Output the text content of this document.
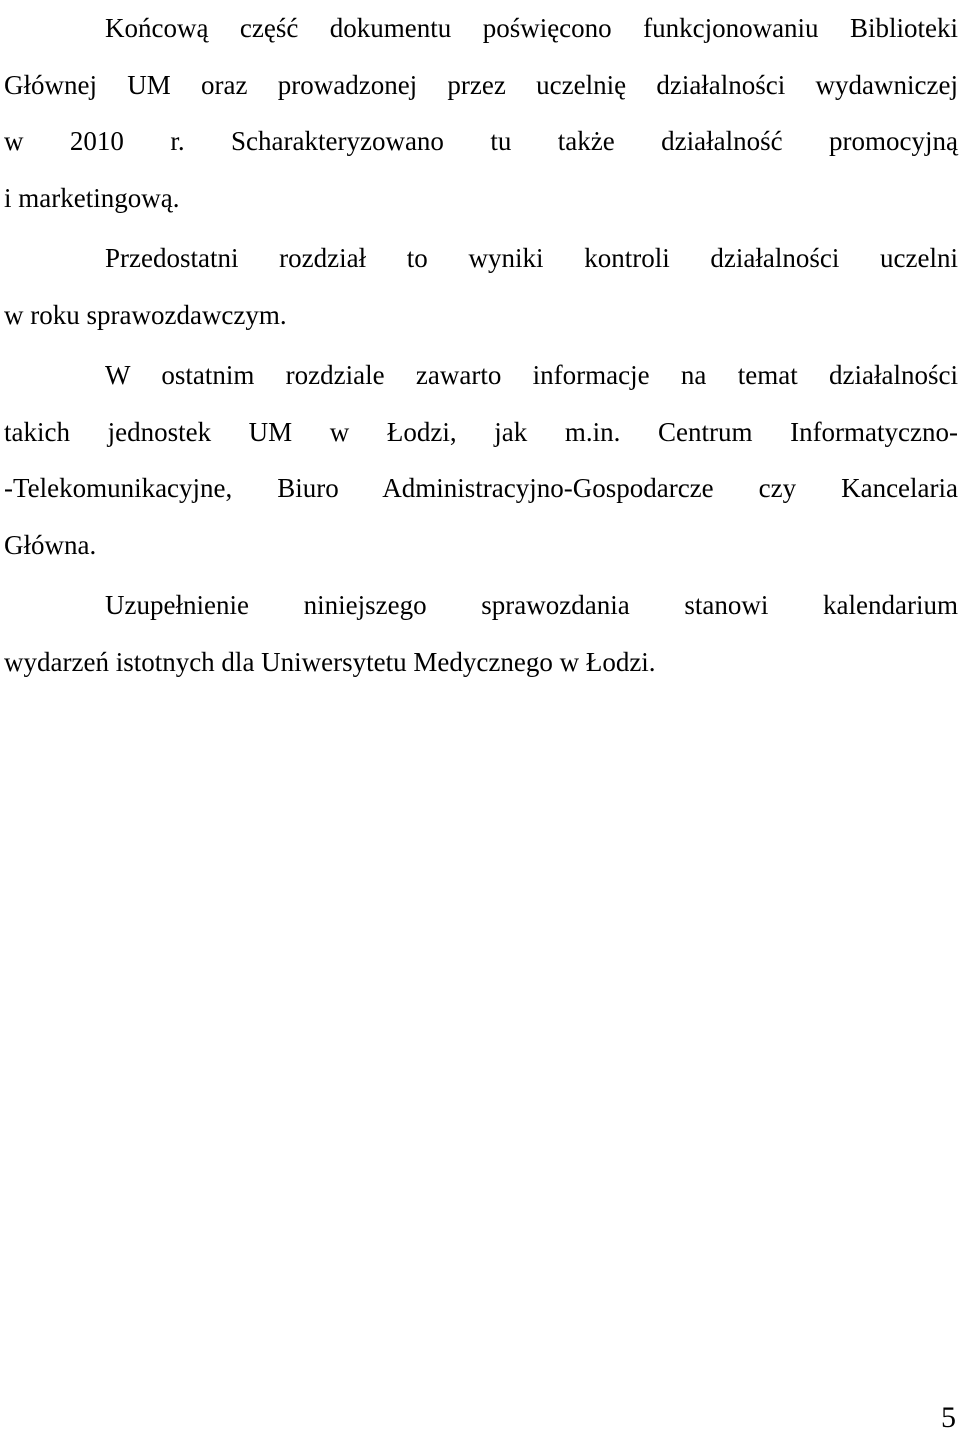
Końcową część dokumentu poświęcono funkcjonowaniu Biblioteki
Głównej UM oraz prowadzonej przez uczelnię działalności wydawniczej
w 2010 r. Scharakteryzowano tu także działalność promocyjną
i marketingową.

Przedostatni rozdział to wyniki kontroli działalności uczelni
w roku sprawozdawczym.

W ostatnim rozdziale zawarto informacje na temat działalności
takich jednostek UM w Łodzi, jak m.in. Centrum Informatyczno-
-Telekomunikacyjne, Biuro Administracyjno-Gospodarcze czy Kancelaria
Główna.

Uzupełnienie niniejszego sprawozdania stanowi kalendarium
wydarzeń istotnych dla Uniwersytetu Medycznego w Łodzi.

5
